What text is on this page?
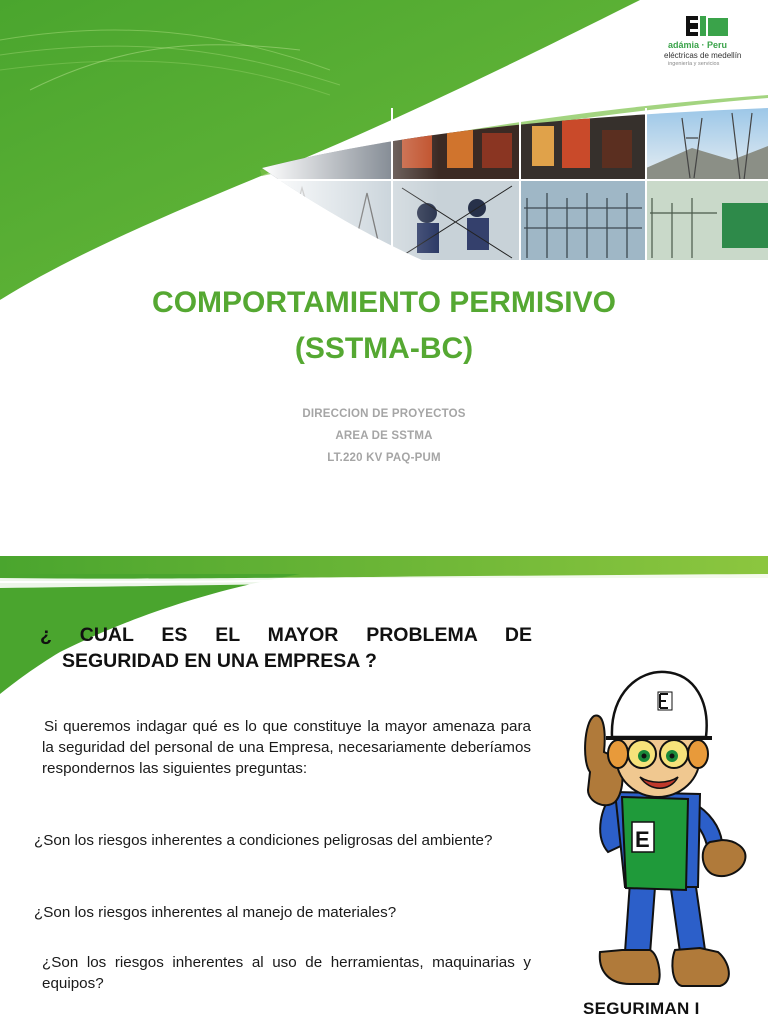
adámia · Peru
eléctricas de medellín
ingeniería y servicios
COMPORTAMIENTO PERMISIVO
(SSTMA-BC)
DIRECCION DE PROYECTOS
AREA DE SSTMA
LT.220 KV PAQ-PUM
¿ CUAL ES EL MAYOR PROBLEMA DE
SEGURIDAD EN UNA EMPRESA ?
Si queremos indagar qué es lo que constituye la mayor amenaza para la seguridad del personal de una Empresa, necesariamente deberíamos respondernos las siguientes preguntas:
¿Son los riesgos inherentes a condiciones peligrosas del ambiente?
¿Son los riesgos inherentes al manejo de materiales?
¿Son los riesgos inherentes al uso de herramientas, maquinarias y equipos?
E
SEGURIMAN I
